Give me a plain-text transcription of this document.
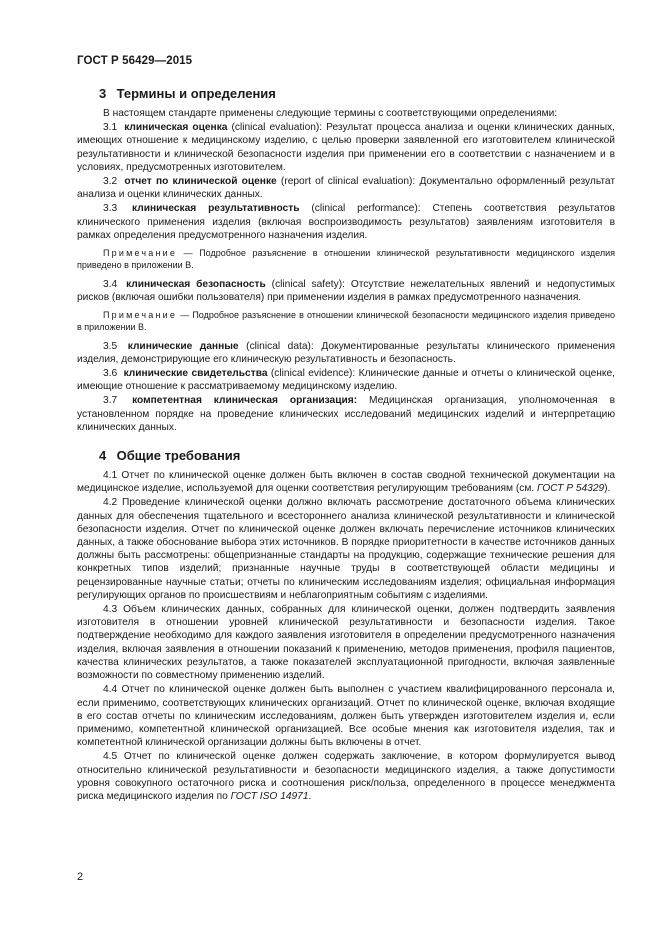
ГОСТ Р 56429—2015
3 Термины и определения

В настоящем стандарте применены следующие термины с соответствующими определениями:

3.1 клиническая оценка (clinical evaluation): Результат процесса анализа и оценки клинических данных, имеющих отношение к медицинскому изделию, с целью проверки заявленной его изготовителем клинической результативности и клинической безопасности изделия при применении его в соответствии с назначением и в условиях, предусмотренных изготовителем.

3.2 отчет по клинической оценке (report of clinical evaluation): Документально оформленный результат анализа и оценки клинических данных.

3.3 клиническая результативность (clinical performance): Степень соответствия результатов клинического применения изделия (включая воспроизводимость результатов) заявлениям изготовителя в рамках определения предусмотренного назначения изделия.

Примечание — Подробное разъяснение в отношении клинической результативности медицинского изделия приведено в приложении В.

3.4 клиническая безопасность (clinical safety): Отсутствие нежелательных явлений и недопустимых рисков (включая ошибки пользователя) при применении изделия в рамках предусмотренного назначения.

Примечание — Подробное разъяснение в отношении клинической безопасности медицинского изделия приведено в приложении В.

3.5 клинические данные (clinical data): Документированные результаты клинического применения изделия, демонстрирующие его клиническую результативность и безопасность.

3.6 клинические свидетельства (clinical evidence): Клинические данные и отчеты о клинической оценке, имеющие отношение к рассматриваемому медицинскому изделию.

3.7 компетентная клиническая организация: Медицинская организация, уполномоченная в установленном порядке на проведение клинических исследований медицинских изделий и интерпретацию клинических данных.

4 Общие требования

4.1 Отчет по клинической оценке должен быть включен в состав сводной технической документации на медицинское изделие, используемой для оценки соответствия регулирующим требованиям (см. ГОСТ Р 54329).

4.2 Проведение клинической оценки должно включать рассмотрение достаточного объема клинических данных для обеспечения тщательного и всестороннего анализа клинической результативности и клинической безопасности изделия. Отчет по клинической оценке должен включать перечисление источников клинических данных, а также обоснование выбора этих источников. В порядке приоритетности в качестве источников данных должны быть рассмотрены: общепризнанные стандарты на продукцию, содержащие технические решения для конкретных типов изделий; признанные научные труды в соответствующей области медицины и рецензированные научные статьи; отчеты по клиническим исследованиям изделия; официальная информация регулирующих органов по происшествиям и неблагоприятным событиям с изделиями.

4.3 Объем клинических данных, собранных для клинической оценки, должен подтвердить заявления изготовителя в отношении уровней клинической результативности и безопасности изделия. Такое подтверждение необходимо для каждого заявления изготовителя в определении предусмотренного назначения изделия, включая заявления в отношении показаний к применению, методов применения, профиля пациентов, качества клинических результатов, а также показателей эксплуатационной пригодности, включая заявленные возможности по совместному применению изделий.

4.4 Отчет по клинической оценке должен быть выполнен с участием квалифицированного персонала и, если применимо, соответствующих клинических организаций. Отчет по клинической оценке, включая входящие в его состав отчеты по клиническим исследованиям, должен быть утвержден изготовителем изделия и, если применимо, компетентной клинической организацией. Все особые мнения как изготовителя изделия, так и компетентной клинической организации должны быть включены в отчет.

4.5 Отчет по клинической оценке должен содержать заключение, в котором формулируется вывод относительно клинической результативности и безопасности медицинского изделия, а также допустимости уровня совокупного остаточного риска и соотношения риск/польза, определенного в процессе менеджмента риска медицинского изделия по ГОСТ ISO 14971.

2
